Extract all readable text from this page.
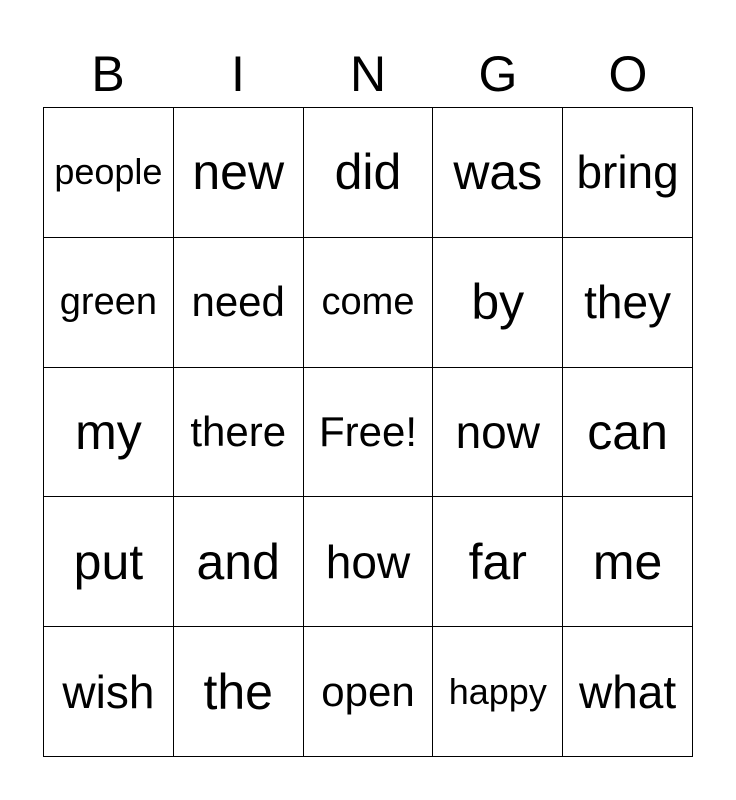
B	I	N	G	O
people new did was bring
green need come by they
my there Free! now can
put and how far me
wish the open happy what
